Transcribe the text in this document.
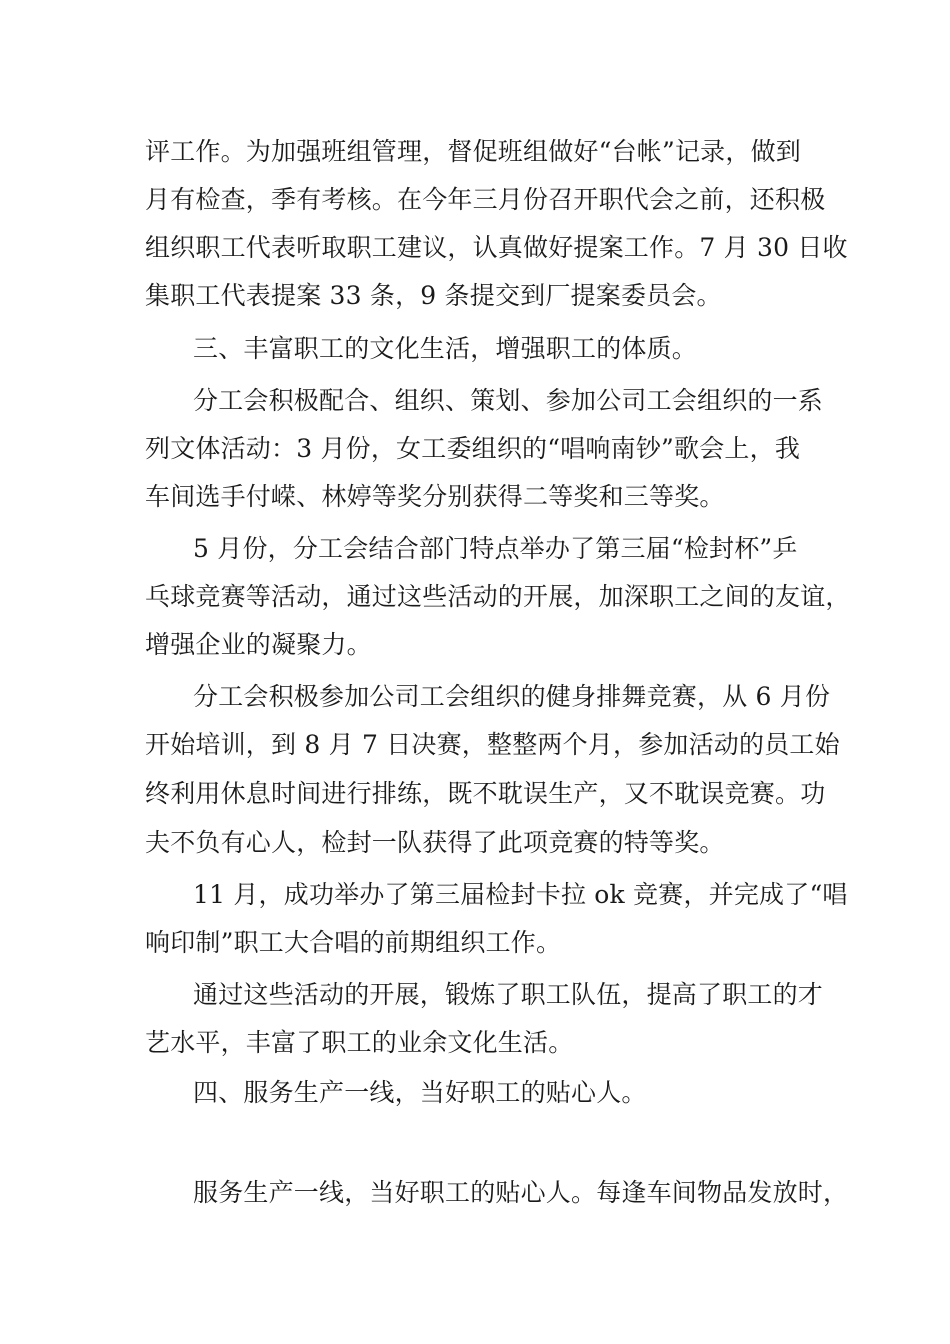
评工作。为加强班组管理，督促班组做好“台帐”记录，做到
月有检查，季有考核。在今年三月份召开职代会之前，还积极
组织职工代表听取职工建议，认真做好提案工作。7 月 30 日收
集职工代表提案 33 条，9 条提交到厂提案委员会。
三、丰富职工的文化生活，增强职工的体质。
分工会积极配合、组织、策划、参加公司工会组织的一系
列文体活动：3 月份，女工委组织的“唱响南钞”歌会上，我
车间选手付嵘、林婷等奖分别获得二等奖和三等奖。
5 月份，分工会结合部门特点举办了第三届“检封杯”乒
乓球竞赛等活动，通过这些活动的开展，加深职工之间的友谊，
增强企业的凝聚力。
分工会积极参加公司工会组织的健身排舞竞赛，从 6 月份
开始培训，到 8 月 7 日决赛，整整两个月，参加活动的员工始
终利用休息时间进行排练，既不耽误生产，又不耽误竞赛。功
夫不负有心人，检封一队获得了此项竞赛的特等奖。
11 月，成功举办了第三届检封卡拉 ok 竞赛，并完成了“唱
响印制”职工大合唱的前期组织工作。
通过这些活动的开展，锻炼了职工队伍，提高了职工的才
艺水平，丰富了职工的业余文化生活。
四、服务生产一线，当好职工的贴心人。
服务生产一线，当好职工的贴心人。每逢车间物品发放时，
